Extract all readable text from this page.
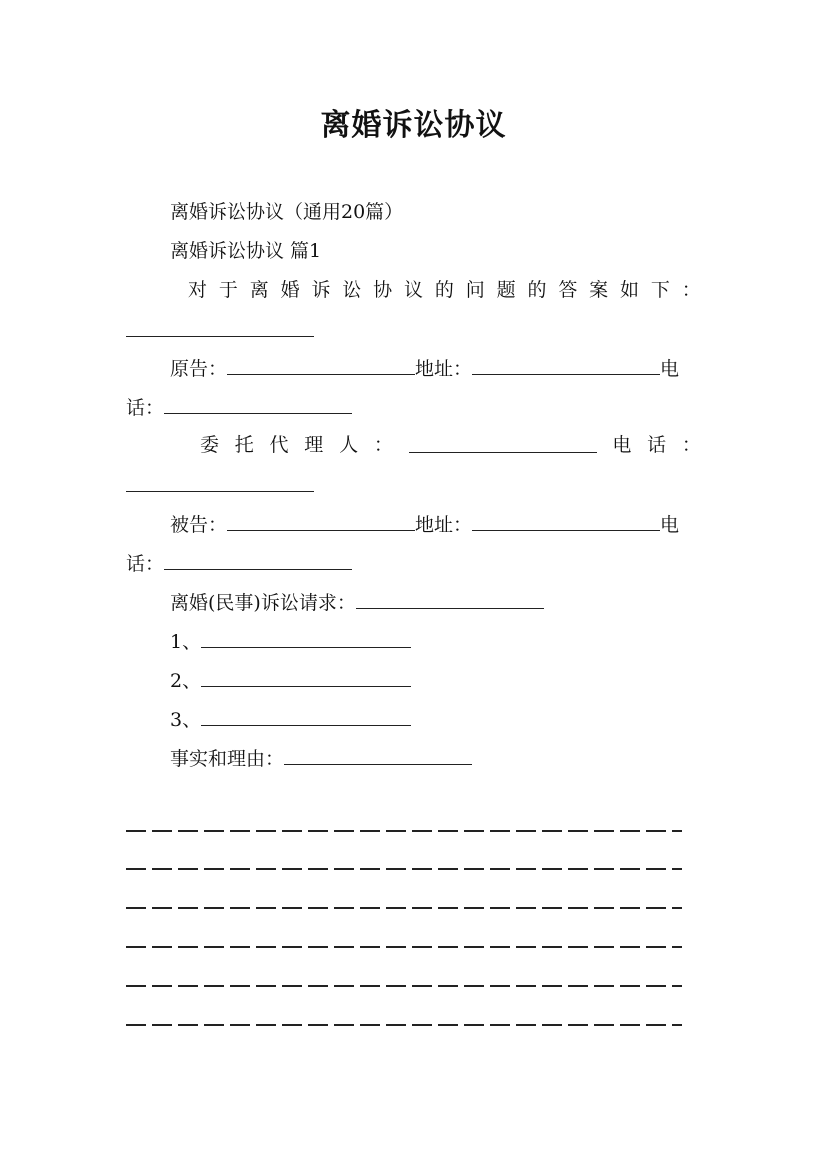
离婚诉讼协议
离婚诉讼协议（通用20篇）
离婚诉讼协议 篇1
对 于 离 婚 诉 讼 协 议 的 问 题 的 答 案 如 下 ：
原告：	地址：	电
话：
委 托 代 理 人 ：	电 话 ：
被告：	地址：	电
话：
离婚(民事)诉讼请求：
1、
2、
3、
事实和理由：
